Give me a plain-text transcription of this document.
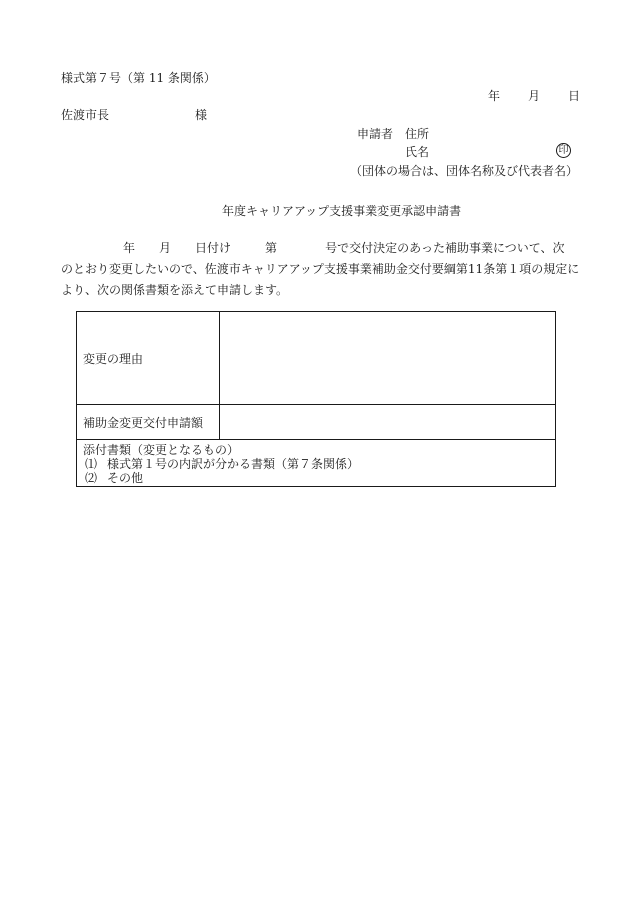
様式第７号（第 11 条関係）
年 月 日
佐渡市長	様
申請者 住所
氏名	印
（団体の場合は、団体名称及び代表者名）
年度キャリアアップ支援事業変更承認申請書
年 月 日付け	第	号で交付決定のあった補助事業について、次
のとおり変更したいので、佐渡市キャリアアップ支援事業補助金交付要綱第11条第１項の規定に
より、次の関係書類を添えて申請します。
変更の理由	
補助金変更交付申請額	

添付書類（変更となるもの）
⑴ 様式第１号の内訳が分かる書類（第７条関係）
⑵ その他	
